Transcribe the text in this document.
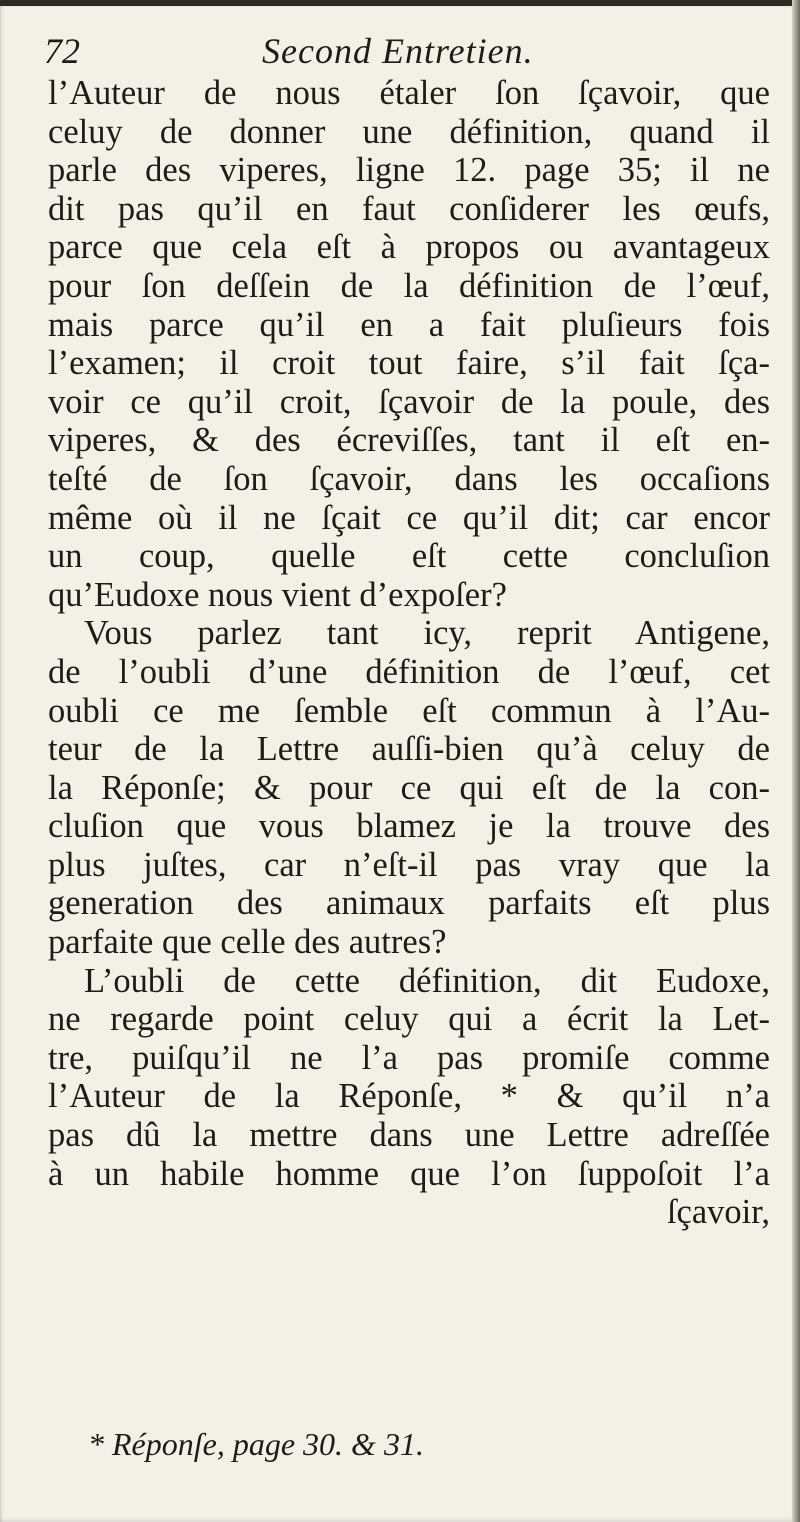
72	Second Entretien.
l’Auteur de nous étaler ſon ſçavoir, que
celuy de donner une définition, quand il
parle des viperes, ligne 12. page 35; il ne
dit pas qu’il en faut conſiderer les œufs,
parce que cela eſt à propos ou avantageux
pour ſon deſſein de la définition de l’œuf,
mais parce qu’il en a fait pluſieurs fois
l’examen; il croit tout faire, s’il fait ſça-
voir ce qu’il croit, ſçavoir de la poule, des
viperes, & des écreviſſes, tant il eſt en-
teſté de ſon ſçavoir, dans les occaſions
même où il ne ſçait ce qu’il dit; car encor
un coup, quelle eſt cette concluſion
qu’Eudoxe nous vient d’expoſer?
Vous parlez tant icy, reprit Antigene,
de l’oubli d’une définition de l’œuf, cet
oubli ce me ſemble eſt commun à l’Au-
teur de la Lettre auſſi-bien qu’à celuy de
la Réponſe; & pour ce qui eſt de la con-
cluſion que vous blamez je la trouve des
plus juſtes, car n’eſt-il pas vray que la
generation des animaux parfaits eſt plus
parfaite que celle des autres?
L’oubli de cette définition, dit Eudoxe,
ne regarde point celuy qui a écrit la Let-
tre, puiſqu’il ne l’a pas promiſe comme
l’Auteur de la Réponſe, * & qu’il n’a
pas dû la mettre dans une Lettre adreſſée
à un habile homme que l’on ſuppoſoit l’a
ſçavoir,
* Réponſe, page 30. & 31.
